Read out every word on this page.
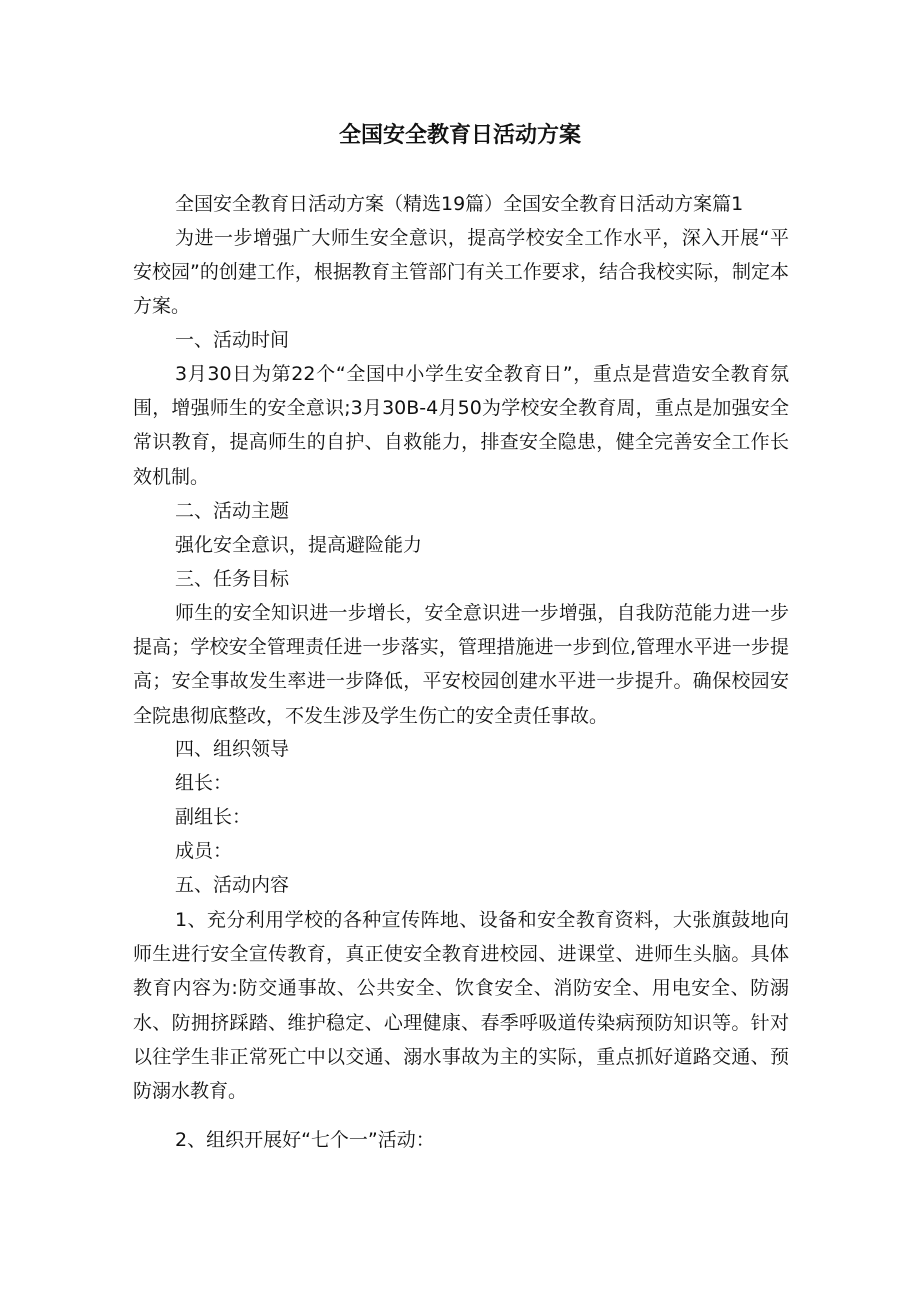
全国安全教育日活动方案

全国安全教育日活动方案（精选19篇）全国安全教育日活动方案篇1

为进一步增强广大师生安全意识，提高学校安全工作水平，深入开展“平安校园”的创建工作，根据教育主管部门有关工作要求，结合我校实际，制定本方案。

一、活动时间

3月30日为第22个“全国中小学生安全教育日”，重点是营造安全教育氛围，增强师生的安全意识;3月30B-4月50为学校安全教育周，重点是加强安全常识教育，提高师生的自护、自救能力，排查安全隐患，健全完善安全工作长效机制。

二、活动主题

强化安全意识，提高避险能力

三、任务目标

师生的安全知识进一步增长，安全意识进一步增强，自我防范能力进一步提高；学校安全管理责任进一步落实，管理措施进一步到位,管理水平进一步提高；安全事故发生率进一步降低，平安校园创建水平进一步提升。确保校园安全院患彻底整改，不发生涉及学生伤亡的安全责任事故。

四、组织领导

组长：

副组长：

成员：

五、活动内容

1、充分利用学校的各种宣传阵地、设备和安全教育资料，大张旗鼓地向师生进行安全宣传教育，真正使安全教育进校园、进课堂、进师生头脑。具体教育内容为:防交通事故、公共安全、饮食安全、消防安全、用电安全、防溺水、防拥挤踩踏、维护稳定、心理健康、春季呼吸道传染病预防知识等。针对以往学生非正常死亡中以交通、溺水事故为主的实际，重点抓好道路交通、预防溺水教育。

2、组织开展好“七个一”活动：
